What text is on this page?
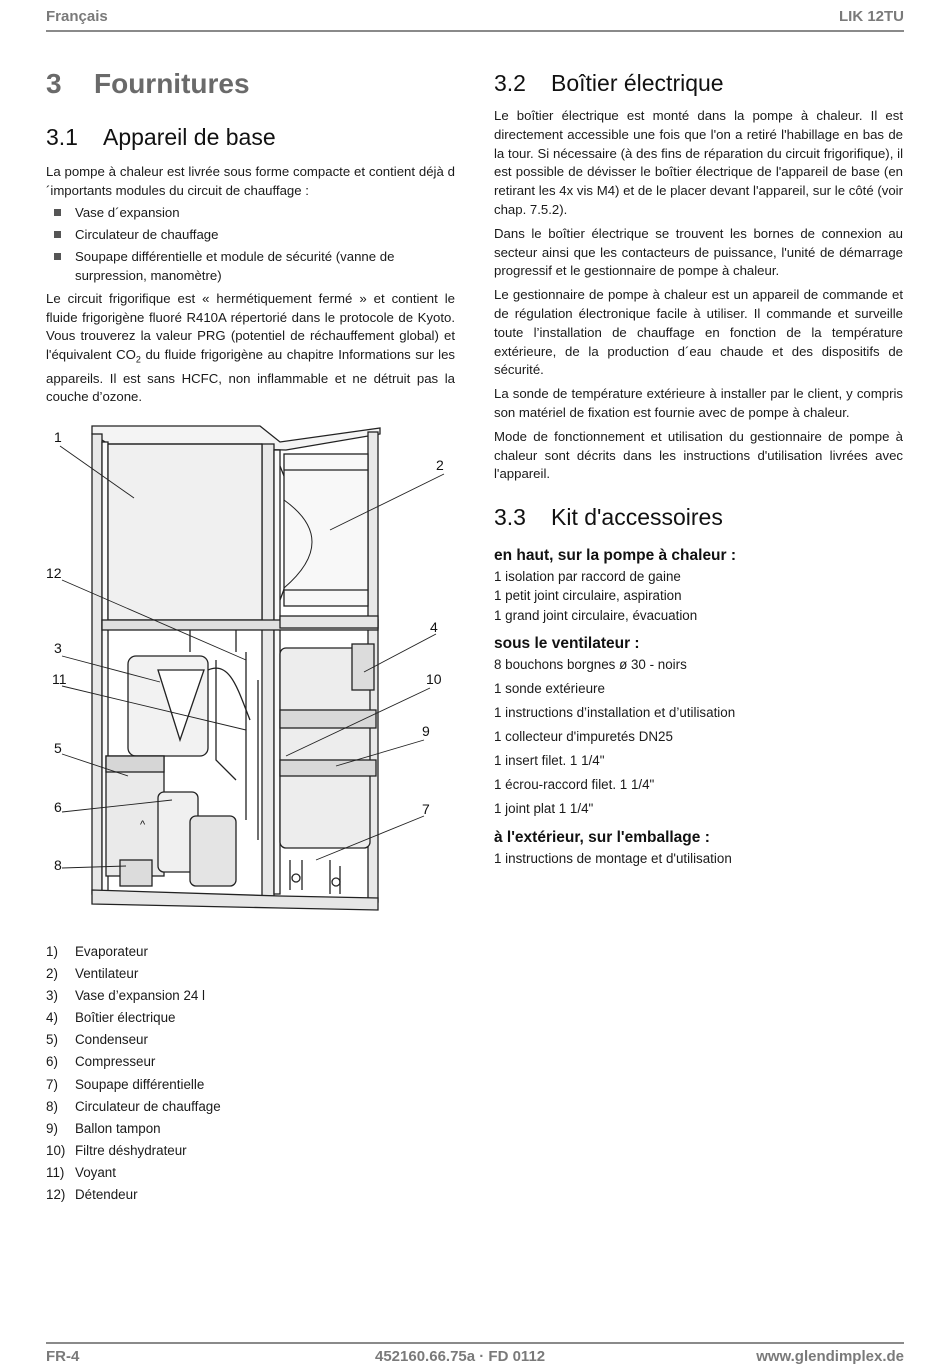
Français	LIK 12TU
3 Fournitures
3.1 Appareil de base

La pompe à chaleur est livrée sous forme compacte et contient déjà d´importants modules du circuit de chauffage :

Vase d´expansion
Circulateur de chauffage
Soupape différentielle et module de sécurité (vanne de surpression, manomètre)

Le circuit frigorifique est « hermétiquement fermé » et contient le fluide frigorigène fluoré R410A répertorié dans le protocole de Kyoto. Vous trouverez la valeur PRG (potentiel de réchauffement global) et l'équivalent $CO_2$ du fluide frigorigène au chapitre Informations sur les appareils. Il est sans HCFC, non inflammable et ne détruit pas la couche d’ozone.

1
2
12
4
3
10
11
9
5
7
6
8
^
1) Evaporateur
2) Ventilateur
3) Vase d’expansion 24 l
4) Boîtier électrique
5) Condenseur
6) Compresseur
7) Soupape différentielle
8) Circulateur de chauffage
9) Ballon tampon
10) Filtre déshydrateur
11) Voyant
12) Détendeur
3.2 Boîtier électrique

Le boîtier électrique est monté dans la pompe à chaleur. Il est directement accessible une fois que l'on a retiré l'habillage en bas de la tour. Si nécessaire (à des fins de réparation du circuit frigorifique), il est possible de dévisser le boîtier électrique de l'appareil de base (en retirant les 4x vis M4) et de le placer devant l'appareil, sur le côté (voir chap. 7.5.2).

Dans le boîtier électrique se trouvent les bornes de connexion au secteur ainsi que les contacteurs de puissance, l'unité de démarrage progressif et le gestionnaire de pompe à chaleur.

Le gestionnaire de pompe à chaleur est un appareil de commande et de régulation électronique facile à utiliser. Il commande et surveille toute l’installation de chauffage en fonction de la température extérieure, de la production d´eau chaude et des dispositifs de sécurité.

La sonde de température extérieure à installer par le client, y compris son matériel de fixation est fournie avec de pompe à chaleur.

Mode de fonctionnement et utilisation du gestionnaire de pompe à chaleur sont décrits dans les instructions d'utilisation livrées avec l'appareil.

3.3 Kit d'accessoires
en haut, sur la pompe à chaleur :
1 isolation par raccord de gaine
1 petit joint circulaire, aspiration
1 grand joint circulaire, évacuation
sous le ventilateur :
8 bouchons borgnes ø 30 - noirs
1 sonde extérieure
1 instructions d’installation et d’utilisation
1 collecteur d'impuretés DN25
1 insert filet. 1 1/4"
1 écrou-raccord filet. 1 1/4"
1 joint plat 1 1/4"
à l'extérieur, sur l'emballage :
1 instructions de montage et d'utilisation
FR-4	452160.66.75a · FD 0112	www.glendimplex.de
